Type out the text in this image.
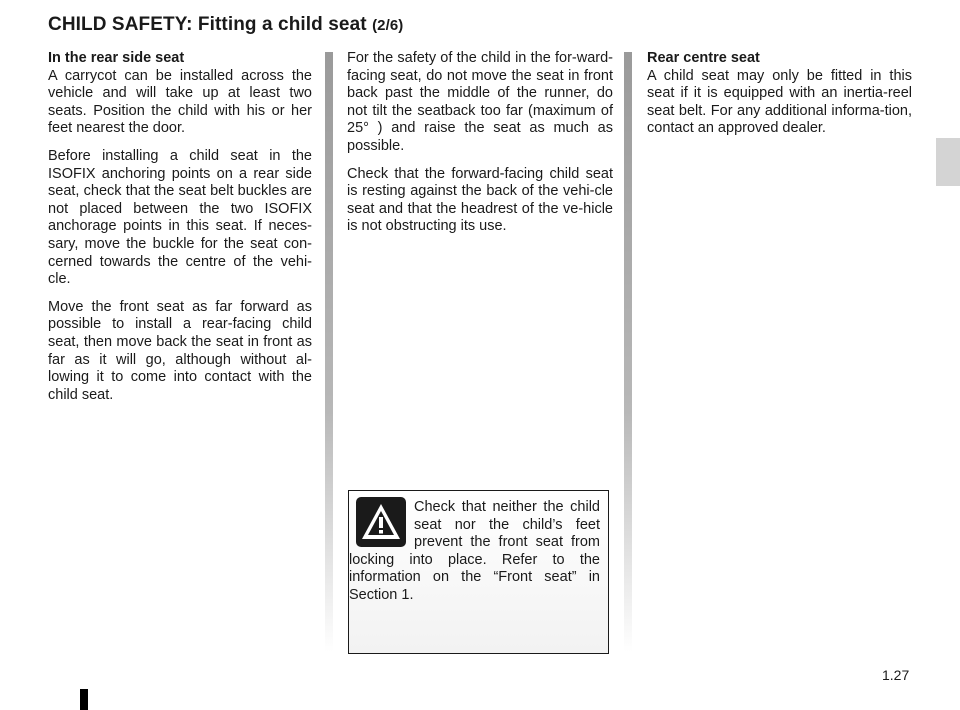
CHILD SAFETY: Fitting a child seat (2/6)

In the rear side seat
A carrycot can be installed across the vehicle and will take up at least two seats. Position the child with his or her feet nearest the door.

Before installing a child seat in the ISOFIX anchoring points on a rear side seat, check that the seat belt buckles are not placed between the two ISOFIX anchorage points in this seat. If neces-sary, move the buckle for the seat con-cerned towards the centre of the vehi-cle.

Move the front seat as far forward as possible to install a rear-facing child seat, then move back the seat in front as far as it will go, although without al-lowing it to come into contact with the child seat.

For the safety of the child in the for-ward-facing seat, do not move the seat in front back past the middle of the runner, do not tilt the seatback too far (maximum of 25° ) and raise the seat as much as possible.

Check that the forward-facing child seat is resting against the back of the vehi-cle seat and that the headrest of the ve-hicle is not obstructing its use.

Check that neither the child seat nor the child’s feet prevent the front seat from locking into place. Refer to the information on the “Front seat” in Section 1.

Rear centre seat
A child seat may only be fitted in this seat if it is equipped with an inertia-reel seat belt. For any additional informa-tion, contact an approved dealer.

1.27
